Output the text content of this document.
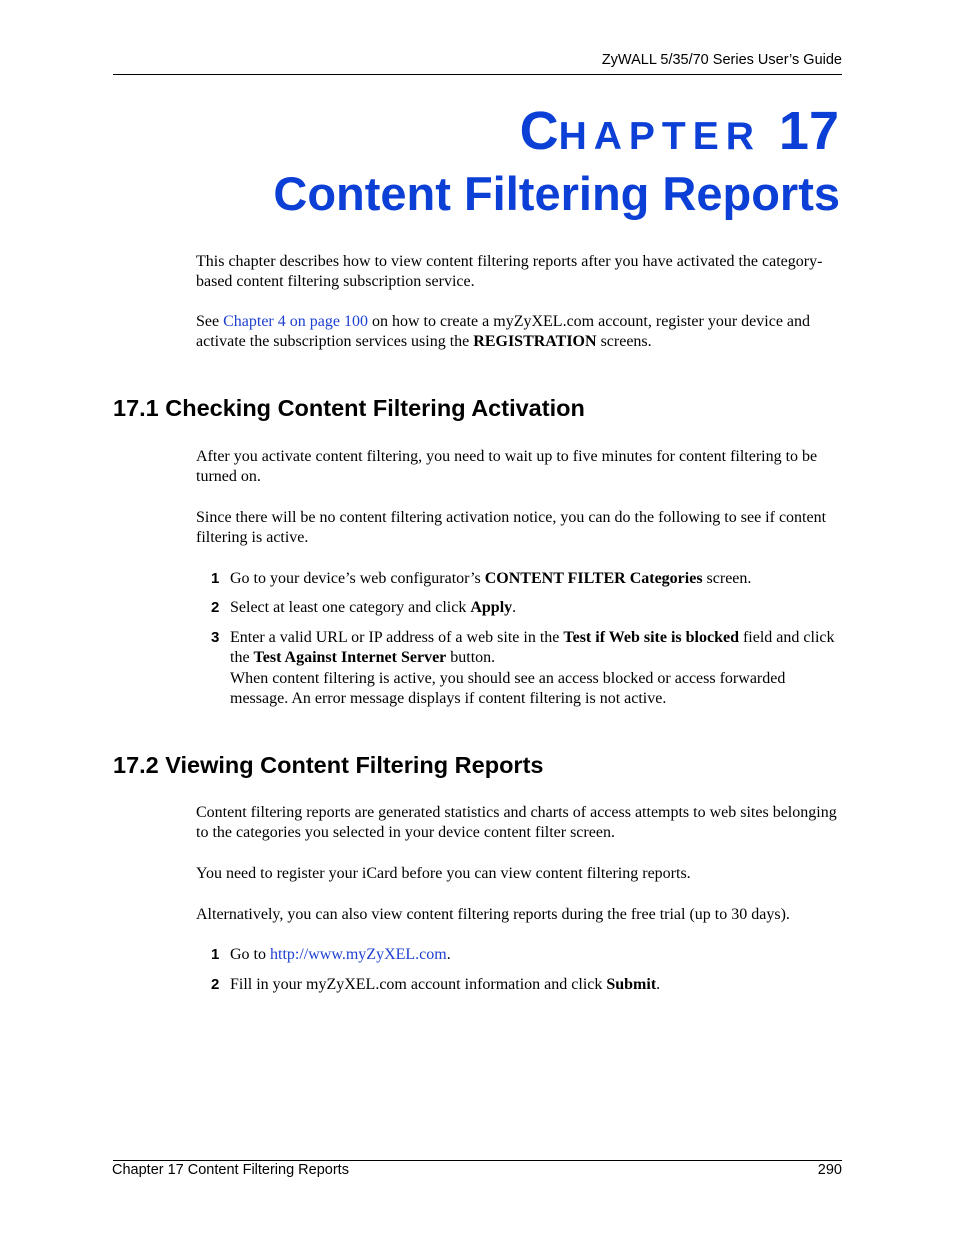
ZyWALL 5/35/70 Series User’s Guide
CHAPTER 17
Content Filtering Reports
This chapter describes how to view content filtering reports after you have activated the category-based content filtering subscription service.
See Chapter 4 on page 100 on how to create a myZyXEL.com account, register your device and activate the subscription services using the REGISTRATION screens.
17.1 Checking Content Filtering Activation
After you activate content filtering, you need to wait up to five minutes for content filtering to be turned on.
Since there will be no content filtering activation notice, you can do the following to see if content filtering is active.
1 Go to your device’s web configurator’s CONTENT FILTER Categories screen.
2 Select at least one category and click Apply.
3 Enter a valid URL or IP address of a web site in the Test if Web site is blocked field and click the Test Against Internet Server button.
When content filtering is active, you should see an access blocked or access forwarded message. An error message displays if content filtering is not active.
17.2 Viewing Content Filtering Reports
Content filtering reports are generated statistics and charts of access attempts to web sites belonging to the categories you selected in your device content filter screen.
You need to register your iCard before you can view content filtering reports.
Alternatively, you can also view content filtering reports during the free trial (up to 30 days).
1 Go to http://www.myZyXEL.com.
2 Fill in your myZyXEL.com account information and click Submit.
Chapter 17 Content Filtering Reports	290
